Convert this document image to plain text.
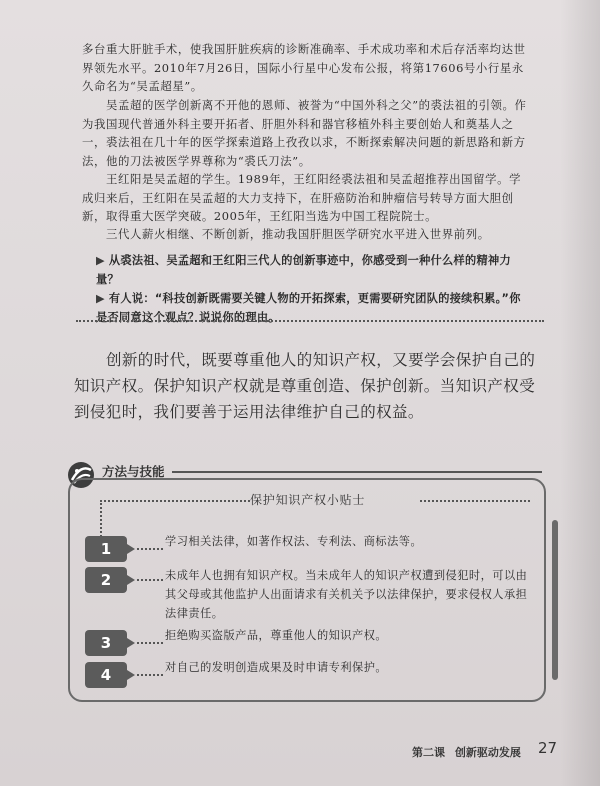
多台重大肝脏手术，使我国肝脏疾病的诊断准确率、手术成功率和术后存活率均达世界领先水平。2010年7月26日，国际小行星中心发布公报，将第17606号小行星永久命名为“吴孟超星”。

吴孟超的医学创新离不开他的恩师、被誉为“中国外科之父”的裘法祖的引领。作为我国现代普通外科主要开拓者、肝胆外科和器官移植外科主要创始人和奠基人之一，裘法祖在几十年的医学探索道路上孜孜以求，不断探索解决问题的新思路和新方法，他的刀法被医学界尊称为“裘氏刀法”。

王红阳是吴孟超的学生。1989年，王红阳经裘法祖和吴孟超推荐出国留学。学成归来后，王红阳在吴孟超的大力支持下，在肝癌防治和肿瘤信号转导方面大胆创新，取得重大医学突破。2005年，王红阳当选为中国工程院院士。

三代人薪火相继、不断创新，推动我国肝胆医学研究水平进入世界前列。

▶ 从裘法祖、吴孟超和王红阳三代人的创新事迹中，你感受到一种什么样的精神力量？
▶ 有人说：“科技创新既需要关键人物的开拓探索，更需要研究团队的接续积累。”你是否同意这个观点？说说你的理由。

创新的时代，既要尊重他人的知识产权，又要学会保护自己的知识产权。保护知识产权就是尊重创造、保护创新。当知识产权受到侵犯时，我们要善于运用法律维护自己的权益。

方法与技能
保护知识产权小贴士
1	学习相关法律，如著作权法、专利法、商标法等。

2	未成年人也拥有知识产权。当未成年人的知识产权遭到侵犯时，可以由其父母或其他监护人出面请求有关机关予以法律保护，要求侵权人承担法律责任。

3	拒绝购买盗版产品，尊重他人的知识产权。

4	对自己的发明创造成果及时申请专利保护。

第二课 创新驱动发展 27
